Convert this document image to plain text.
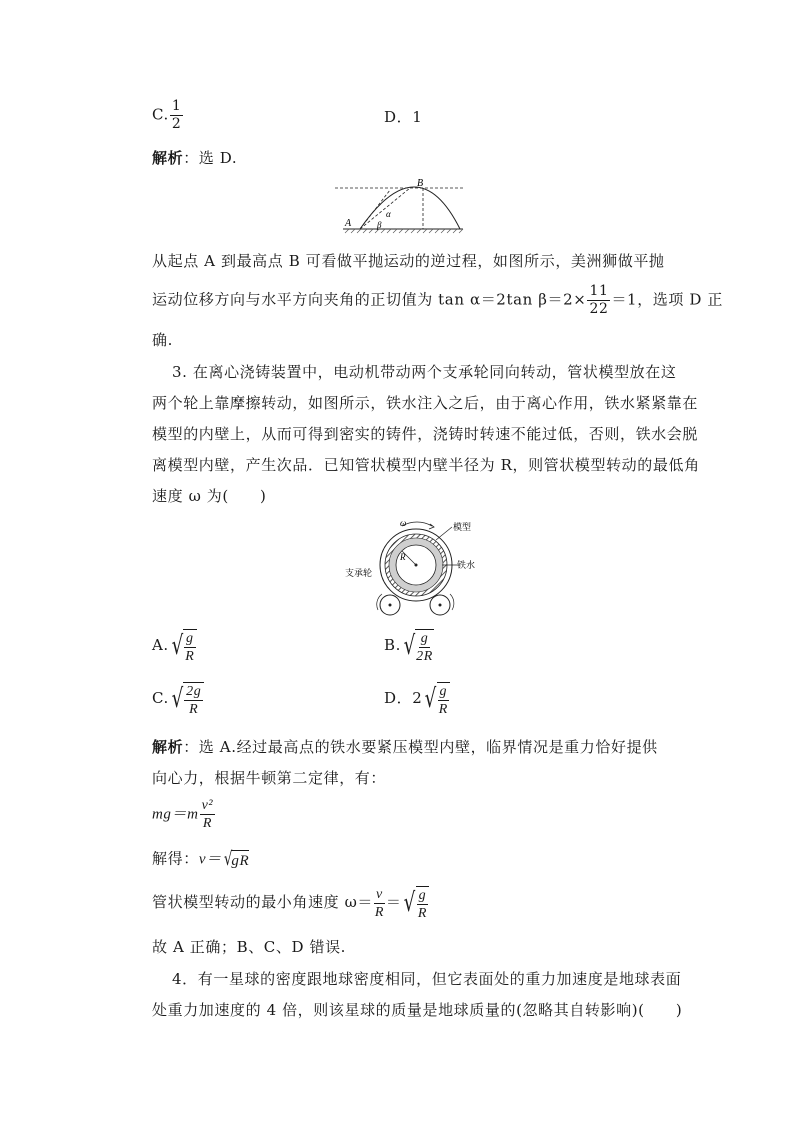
C. $\frac{1}{2}$	D．1
解析：选 D.
A
B
α
β
从起点 A 到最高点 B 可看做平抛运动的逆过程，如图所示，美洲狮做平抛
运动位移方向与水平方向夹角的正切值为 tan α＝2tan $\beta=2\times \frac{11}{22} =1$，选项 D 正
确.
3. 在离心浇铸装置中，电动机带动两个支承轮同向转动，管状模型放在这
两个轮上靠摩擦转动，如图所示，铁水注入之后，由于离心作用，铁水紧紧靠在
模型的内壁上，从而可得到密实的铸件，浇铸时转速不能过低，否则，铁水会脱
离模型内壁，产生次品．已知管状模型内壁半径为 R，则管状模型转动的最低角
速度 ω 为(　　)
ω
R
模型
铁水
支承轮
A. √ $\frac{g}{R}$	B. √ $\frac{g}{2R}$
C. √ $\frac{2g}{R}$	D．2 √ $\frac{g}{R}$
解析：选 A.经过最高点的铁水要紧压模型内壁，临界情况是重力恰好提供
向心力，根据牛顿第二定律，有：
$mg=m \frac{\text{v²}}{R}$
解得：v＝ √
gR
管状模型转动的最小角速度 $\omega= \frac{v}{R}$ ＝ √ $\frac{g}{R}$
故 A 正确；B、C、D 错误.
4．有一星球的密度跟地球密度相同，但它表面处的重力加速度是地球表面
处重力加速度的 4 倍，则该星球的质量是地球质量的(忽略其自转影响)(　　)
